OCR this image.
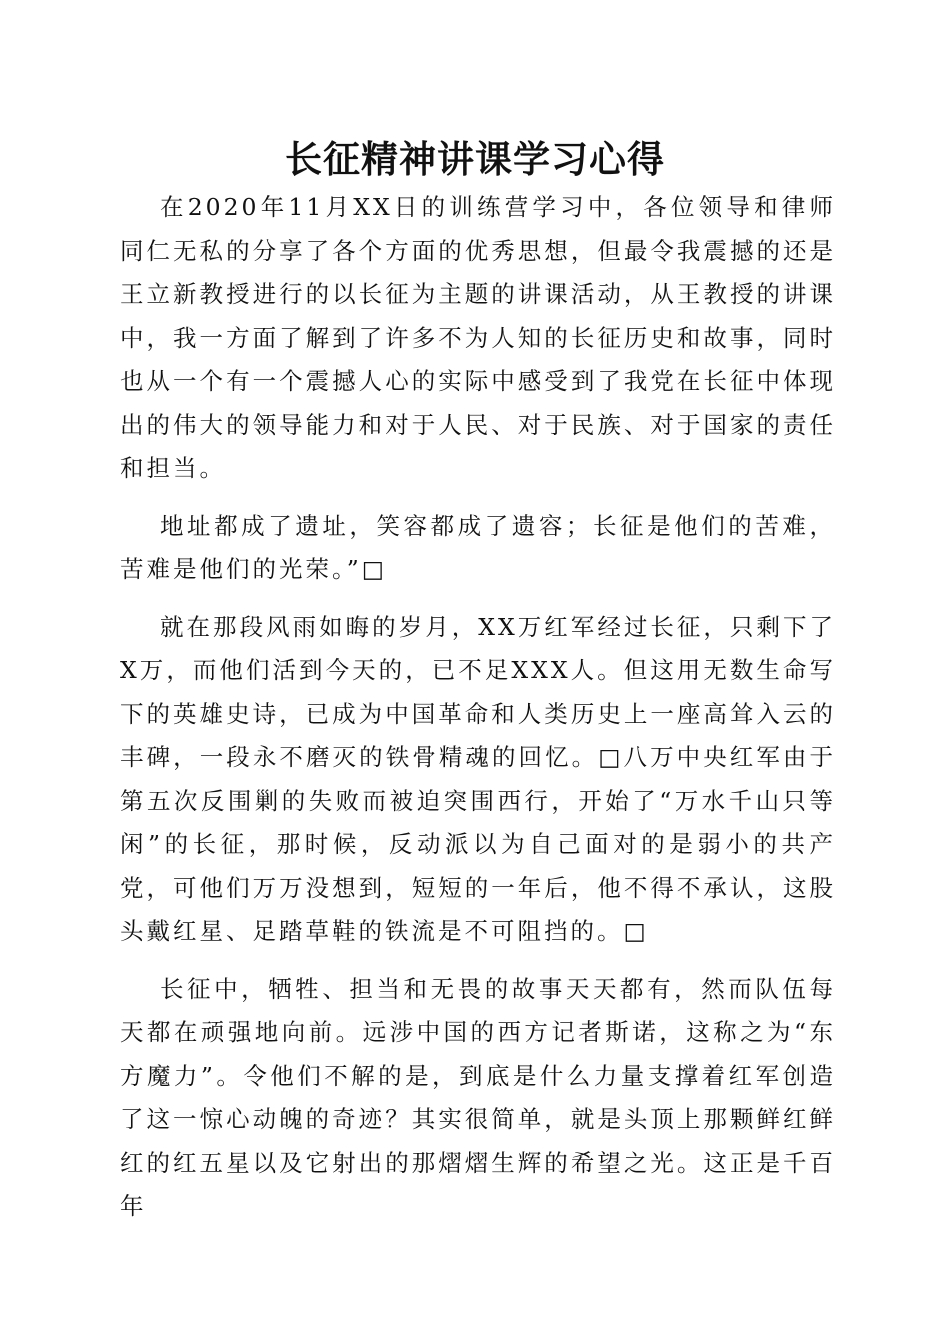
长征精神讲课学习心得

在2020年11月XX日的训练营学习中，各位领导和律师同仁无私的分享了各个方面的优秀思想，但最令我震撼的还是王立新教授进行的以长征为主题的讲课活动，从王教授的讲课中，我一方面了解到了许多不为人知的长征历史和故事，同时也从一个有一个震撼人心的实际中感受到了我党在长征中体现出的伟大的领导能力和对于人民、对于民族、对于国家的责任和担当。

地址都成了遗址，笑容都成了遗容；长征是他们的苦难，苦难是他们的光荣。”□

就在那段风雨如晦的岁月，XX万红军经过长征，只剩下了X万，而他们活到今天的，已不足XXX人。但这用无数生命写下的英雄史诗，已成为中国革命和人类历史上一座高耸入云的丰碑，一段永不磨灭的铁骨精魂的回忆。□八万中央红军由于第五次反围剿的失败而被迫突围西行，开始了“万水千山只等闲”的长征，那时候，反动派以为自己面对的是弱小的共产党，可他们万万没想到，短短的一年后，他不得不承认，这股头戴红星、足踏草鞋的铁流是不可阻挡的。□

长征中，牺牲、担当和无畏的故事天天都有，然而队伍每天都在顽强地向前。远涉中国的西方记者斯诺，这称之为“东方魔力”。令他们不解的是，到底是什么力量支撑着红军创造了这一惊心动魄的奇迹？其实很简单，就是头顶上那颗鲜红鲜红的红五星以及它射出的那熠熠生辉的希望之光。这正是千百年
